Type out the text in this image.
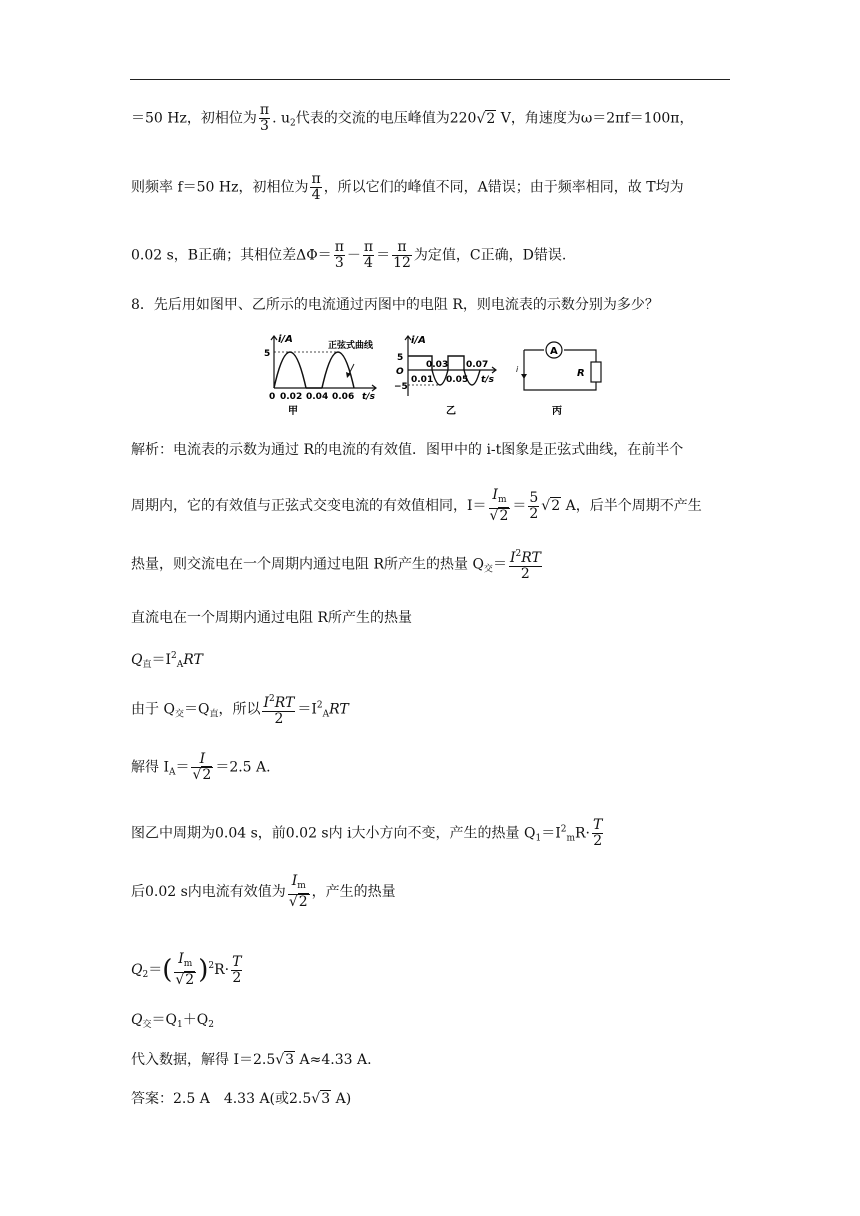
＝50 Hz，初相位为 $\frac{\pi}{3}$ . $u_2$代表的交流的电压峰值为220√2 V，角速度为ω＝2πf＝100π，
则频率 f＝50 Hz，初相位为 $\frac{\pi}{4}$ ，所以它们的峰值不同，A错误；由于频率相同，故 T均为
0.02 s，B正确；其相位差$\Delta\Phi= \frac{\pi}{3} - \frac{\pi}{4} = \frac{\pi}{12}$ 为定值，C正确，D错误.
8．先后用如图甲、乙所示的电流通过丙图中的电阻 R，则电流表的示数分别为多少？
i/A
5
正弦式曲线
0 0.02 0.04 0.06 t/s
甲
i/A
5
O
−5
0.03 0.07
0.01 0.05 t/s
乙
A
R
i
丙
解析：电流表的示数为通过 R的电流的有效值．图甲中的 i-t图象是正弦式曲线，在前半个
周期内，它的有效值与正弦式交变电流的有效值相同，$I= \frac{I_m}{√2} = \frac{5}{2} √2$ A，后半个周期不产生
热量，则交流电在一个周期内通过电阻 R所产生的热量 $Q_交= \frac{I^2RT}{2}$
直流电在一个周期内通过电阻 R所产生的热量
$Q_直=I^2_ART$
由于 $Q_交=Q_直$，所以 $\frac{I^2RT}{2} =I^2_ART$
解得 $I_A= \frac{I}{√2} =2.5$ A.
图乙中周期为0.04 s，前0.02 s内 i大小方向不变，产生的热量 $Q_1=I^2_mR\cdot \frac{T}{2}$
后0.02 s内电流有效值为 $\frac{I_m}{√2}$ ，产生的热量
$Q_2=( \frac{I_m}{√2} )^2R\cdot \frac{T}{2}$
$Q_交=Q_1+Q_2$
代入数据，解得 I＝2.5√3 A≈4.33 A.
答案：2.5 A　4.33 A(或2.5√3 A)
